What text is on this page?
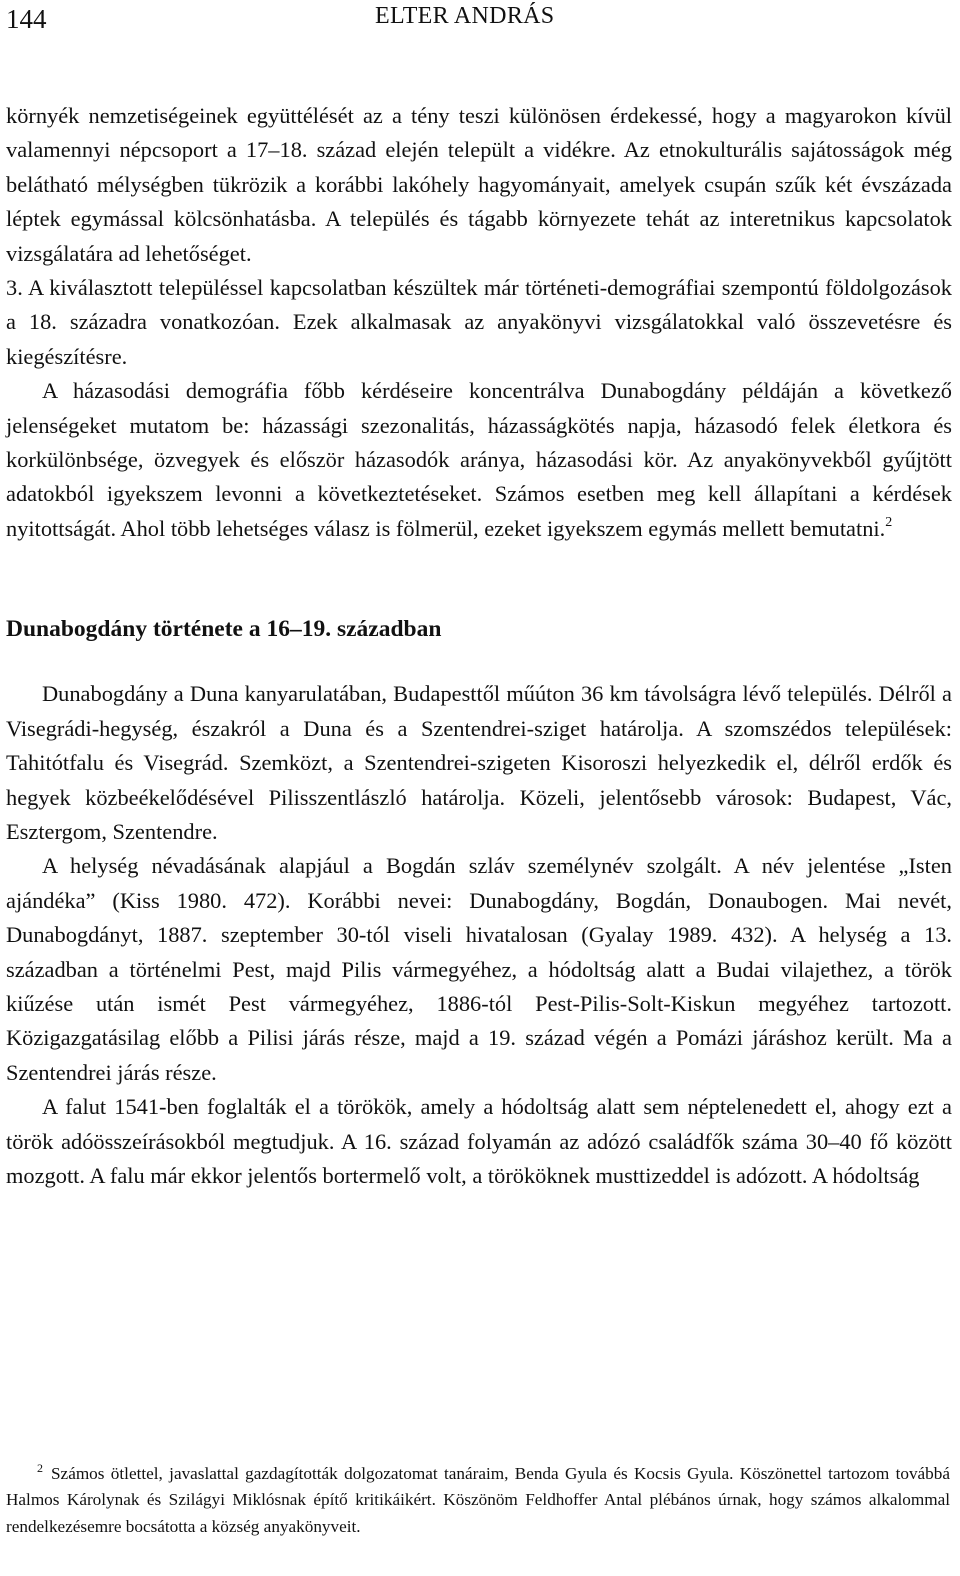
144	ELTER ANDRÁS

környék nemzetiségeinek együttélését az a tény teszi különösen érdekessé, hogy a magyarokon kívül valamennyi népcsoport a 17–18. század elején települt a vidékre. Az etnokulturális sajátosságok még belátható mélységben tükrözik a korábbi lakóhely hagyományait, amelyek csupán szűk két évszázada léptek egymással kölcsönhatásba. A település és tágabb környezete tehát az interetnikus kapcsolatok vizsgálatára ad lehetőséget.

3. A kiválasztott településsel kapcsolatban készültek már történeti-demográfiai szempontú földolgozások a 18. századra vonatkozóan. Ezek alkalmasak az anyakönyvi vizsgálatokkal való összevetésre és kiegészítésre.

A házasodási demográfia főbb kérdéseire koncentrálva Dunabogdány példáján a következő jelenségeket mutatom be: házassági szezonalitás, házasságkötés napja, házasodó felek életkora és korkülönbsége, özvegyek és először házasodók aránya, házasodási kör. Az anyakönyvekből gyűjtött adatokból igyekszem levonni a következtetéseket. Számos esetben meg kell állapítani a kérdések nyitottságát. Ahol több lehetséges válasz is fölmerül, ezeket igyekszem egymás mellett bemutatni.$^2$

Dunabogdány története a 16–19. században

Dunabogdány a Duna kanyarulatában, Budapesttől műúton 36 km távolságra lévő település. Délről a Visegrádi-hegység, északról a Duna és a Szentendrei-sziget határolja. A szomszédos települések: Tahitótfalu és Visegrád. Szemközt, a Szentendrei-szigeten Kisoroszi helyezkedik el, délről erdők és hegyek közbeékelődésével Pilisszentlászló határolja. Közeli, jelentősebb városok: Budapest, Vác, Esztergom, Szentendre.

A helység névadásának alapjául a Bogdán szláv személynév szolgált. A név jelentése „Isten ajándéka” (Kiss 1980. 472). Korábbi nevei: Dunabogdány, Bogdán, Donaubogen. Mai nevét, Dunabogdányt, 1887. szeptember 30-tól viseli hivatalosan (Gyalay 1989. 432). A helység a 13. században a történelmi Pest, majd Pilis vármegyéhez, a hódoltság alatt a Budai vilajethez, a török kiűzése után ismét Pest vármegyéhez, 1886-tól Pest-Pilis-Solt-Kiskun megyéhez tartozott. Közigazgatásilag előbb a Pilisi járás része, majd a 19. század végén a Pomázi járáshoz került. Ma a Szentendrei járás része.

A falut 1541-ben foglalták el a törökök, amely a hódoltság alatt sem néptelenedett el, ahogy ezt a török adóösszeírásokból megtudjuk. A 16. század folyamán az adózó családfők száma 30–40 fő között mozgott. A falu már ekkor jelentős bortermelő volt, a törököknek musttizeddel is adózott. A hódoltság

$^2$ Számos ötlettel, javaslattal gazdagították dolgozatomat tanáraim, Benda Gyula és Kocsis Gyula. Köszönettel tartozom továbbá Halmos Károlynak és Szilágyi Miklósnak építő kritikáikért. Köszönöm Feldhoffer Antal plébános úrnak, hogy számos alkalommal rendelkezésemre bocsátotta a község anyakönyveit.
